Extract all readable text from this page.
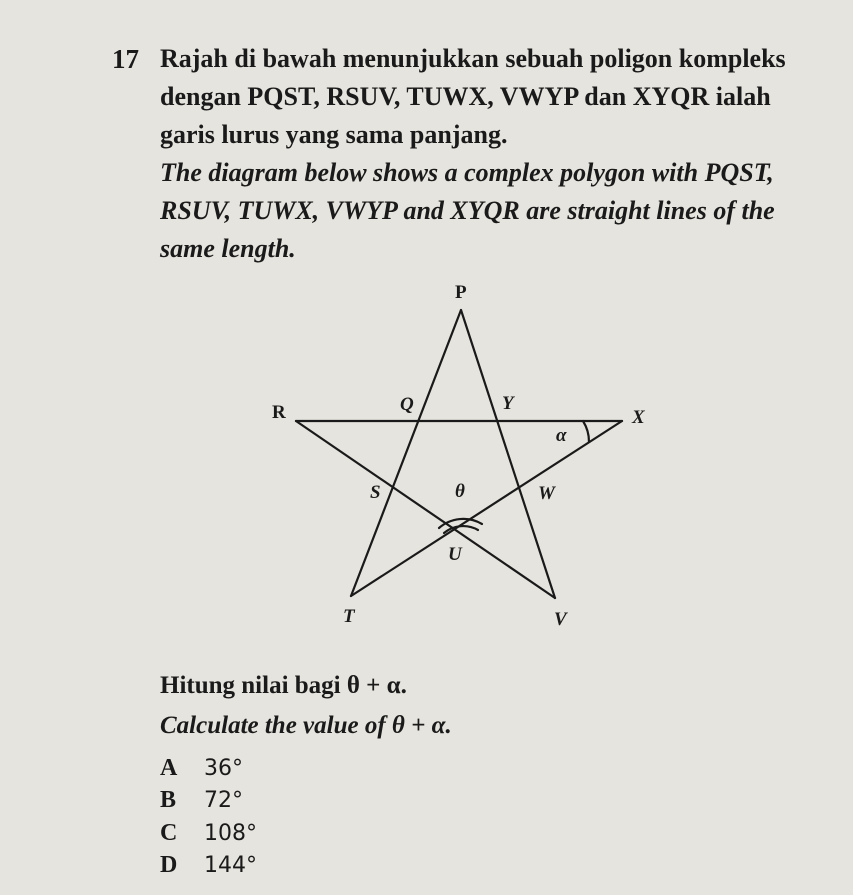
17 Rajah di bawah menunjukkan sebuah poligon kompleks dengan PQST, RSUV, TUWX, VWYP dan XYQR ialah garis lurus yang sama panjang.

The diagram below shows a complex polygon with PQST, RSUV, TUWX, VWYP and XYQR are straight lines of the same length.

P
Q	Y
R	X
α
S	θ	W
U
T	V
Hitung nilai bagi θ + α.
Calculate the value of θ + α.
A 36°
B 72°
C 108°
D 144°
